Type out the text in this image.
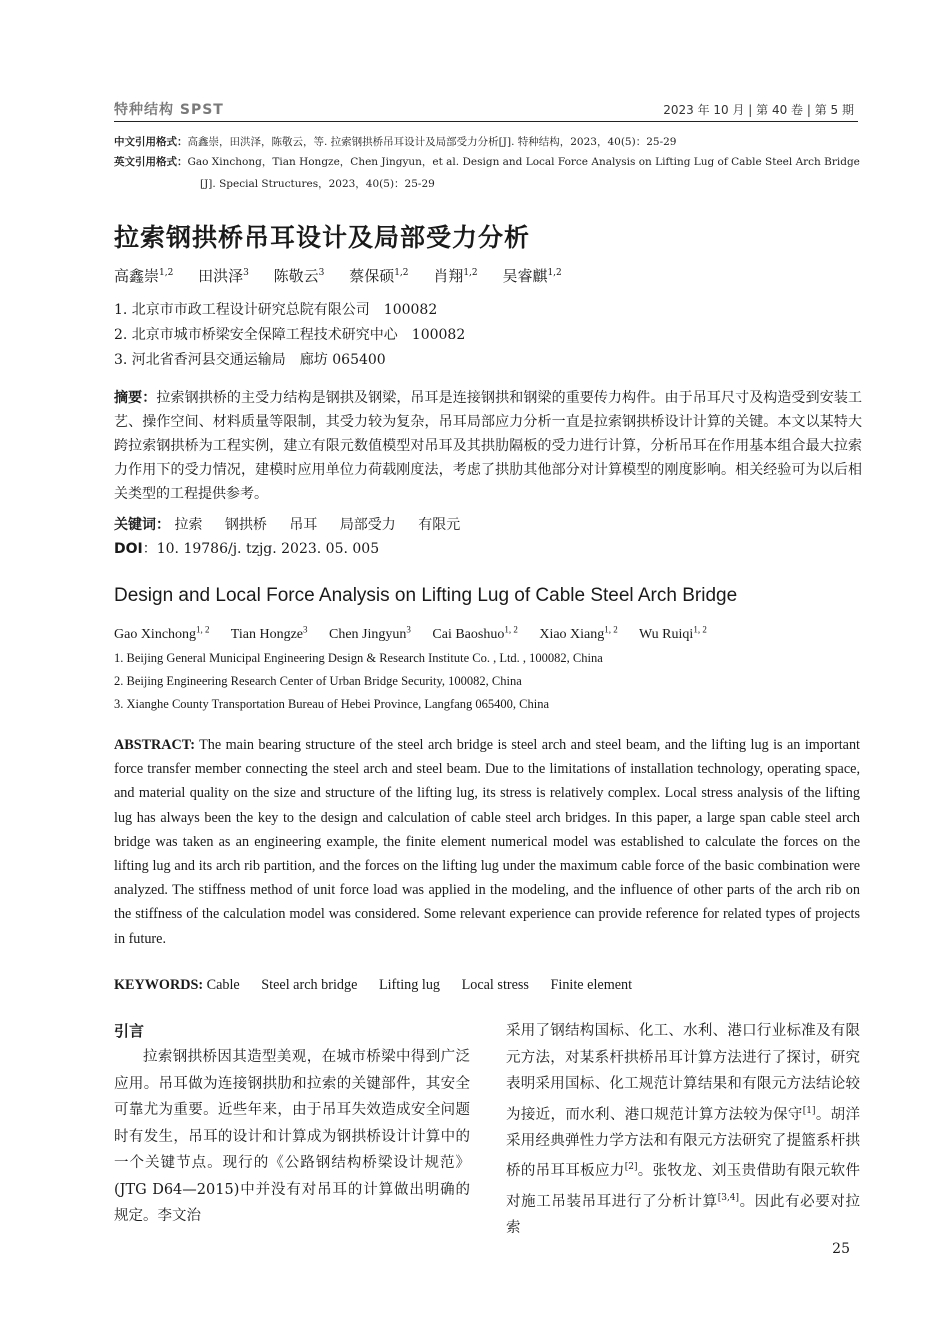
特种结构 SPST	2023 年 10 月 | 第 40 卷 | 第 5 期
中文引用格式：高鑫崇，田洪泽，陈敬云，等. 拉索钢拱桥吊耳设计及局部受力分析[J]. 特种结构，2023，40(5)：25-29
英文引用格式：Gao Xinchong，Tian Hongze，Chen Jingyun，et al. Design and Local Force Analysis on Lifting Lug of Cable Steel Arch Bridge
[J]. Special Structures，2023，40(5)：25-29
拉索钢拱桥吊耳设计及局部受力分析
高鑫崇$^{1,2}$ 田洪泽$^3$ 陈敬云$^3$ 蔡保硕$^{1,2}$ 肖翔$^{1,2}$ 吴睿麒$^{1,2}$
1. 北京市市政工程设计研究总院有限公司　100082
2. 北京市城市桥梁安全保障工程技术研究中心　100082
3. 河北省香河县交通运输局　廊坊 065400
摘要：拉索钢拱桥的主受力结构是钢拱及钢梁，吊耳是连接钢拱和钢梁的重要传力构件。由于吊耳尺寸及构造受到安装工艺、操作空间、材料质量等限制，其受力较为复杂，吊耳局部应力分析一直是拉索钢拱桥设计计算的关键。本文以某特大跨拉索钢拱桥为工程实例，建立有限元数值模型对吊耳及其拱肋隔板的受力进行计算，分析吊耳在作用基本组合最大拉索力作用下的受力情况，建模时应用单位力荷载刚度法，考虑了拱肋其他部分对计算模型的刚度影响。相关经验可为以后相关类型的工程提供参考。
关键词： 拉索 钢拱桥 吊耳 局部受力 有限元
DOI：10. 19786/j. tzjg. 2023. 05. 005
Design and Local Force Analysis on Lifting Lug of Cable Steel Arch Bridge
Gao Xinchong$^{1, 2}$ Tian Hongze$^3$ Chen Jingyun$^3$ Cai Baoshuo$^{1, 2}$ Xiao Xiang$^{1, 2}$ Wu Ruiqi$^{1, 2}$
1. Beijing General Municipal Engineering Design & Research Institute Co. , Ltd. , 100082, China
2. Beijing Engineering Research Center of Urban Bridge Security, 100082, China
3. Xianghe County Transportation Bureau of Hebei Province, Langfang 065400, China
ABSTRACT: The main bearing structure of the steel arch bridge is steel arch and steel beam, and the lifting lug is an important force transfer member connecting the steel arch and steel beam. Due to the limitations of installation technology, operating space, and material quality on the size and structure of the lifting lug, its stress is relatively complex. Local stress analysis of the lifting lug has always been the key to the design and calculation of cable steel arch bridges. In this paper, a large span cable steel arch bridge was taken as an engineering example, the finite element numerical model was established to calculate the forces on the lifting lug and its arch rib partition, and the forces on the lifting lug under the maximum cable force of the basic combination were analyzed. The stiffness method of unit force load was applied in the modeling, and the influence of other parts of the arch rib on the stiffness of the calculation model was considered. Some relevant experience can provide reference for related types of projects in future.
KEYWORDS: Cable Steel arch bridge Lifting lug Local stress Finite element
引言

拉索钢拱桥因其造型美观，在城市桥梁中得到广泛应用。吊耳做为连接钢拱肋和拉索的关键部件，其安全可靠尤为重要。近些年来，由于吊耳失效造成安全问题时有发生，吊耳的设计和计算成为钢拱桥设计计算中的一个关键节点。现行的《公路钢结构桥梁设计规范》(JTG D64—2015)中并没有对吊耳的计算做出明确的规定。李文治

采用了钢结构国标、化工、水利、港口行业标准及有限元方法，对某系杆拱桥吊耳计算方法进行了探讨，研究表明采用国标、化工规范计算结果和有限元方法结论较为接近，而水利、港口规范计算方法较为保守[1]。胡洋采用经典弹性力学方法和有限元方法研究了提篮系杆拱桥的吊耳耳板应力[2]。张牧龙、刘玉贵借助有限元软件对施工吊装吊耳进行了分析计算[3,4]。因此有必要对拉索

25
